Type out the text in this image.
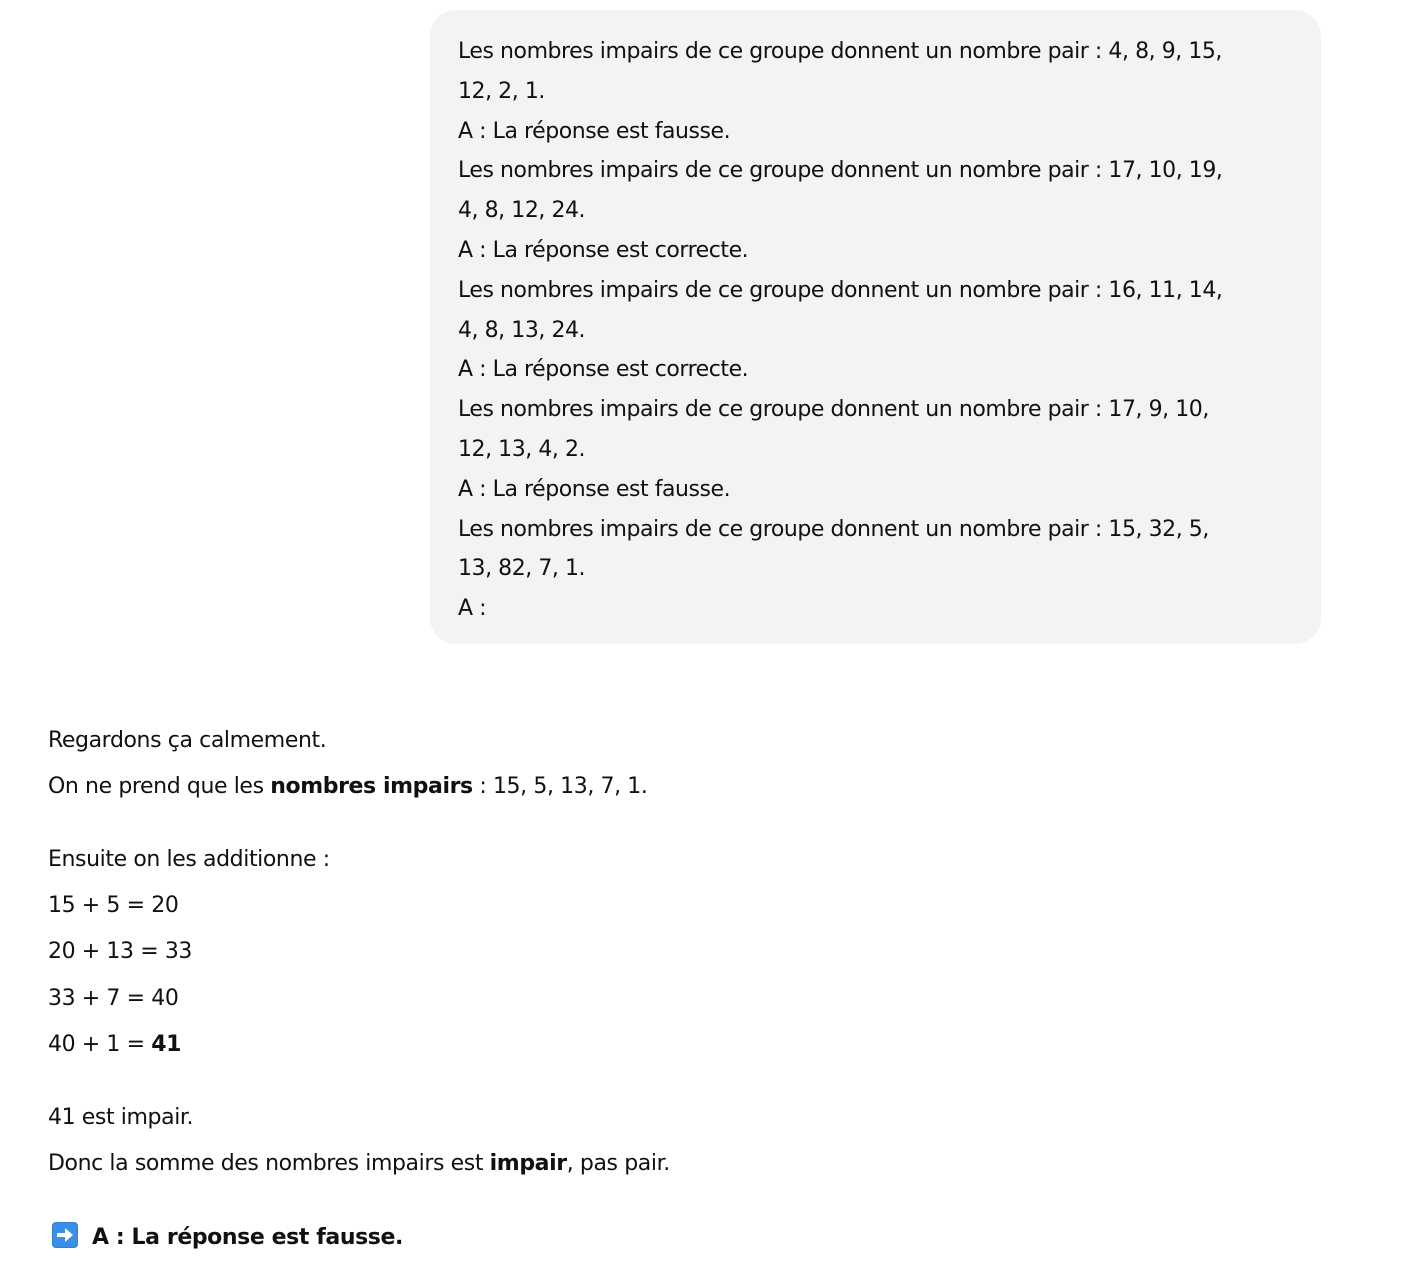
Les nombres impairs de ce groupe donnent un nombre pair : 4, 8, 9, 15,
12, 2, 1.
A : La réponse est fausse.
Les nombres impairs de ce groupe donnent un nombre pair : 17, 10, 19,
4, 8, 12, 24.
A : La réponse est correcte.
Les nombres impairs de ce groupe donnent un nombre pair : 16, 11, 14,
4, 8, 13, 24.
A : La réponse est correcte.
Les nombres impairs de ce groupe donnent un nombre pair : 17, 9, 10,
12, 13, 4, 2.
A : La réponse est fausse.
Les nombres impairs de ce groupe donnent un nombre pair : 15, 32, 5,
13, 82, 7, 1.
A :
Regardons ça calmement.
On ne prend que les nombres impairs : 15, 5, 13, 7, 1.
Ensuite on les additionne :
15 + 5 = 20
20 + 13 = 33
33 + 7 = 40
40 + 1 = 41
41 est impair.
Donc la somme des nombres impairs est impair, pas pair.
A : La réponse est fausse.
